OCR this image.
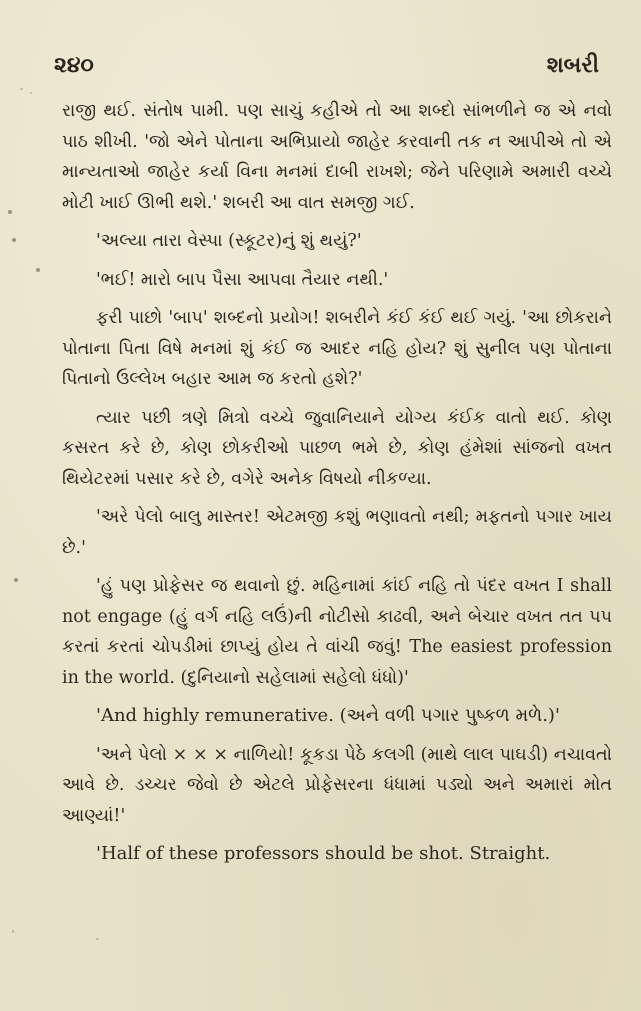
૨૪૦	શબરી

રાજી થઈ. સંતોષ પામી. પણ સાચું કહીએ તો આ શબ્દો સાંભળીને જ એ નવો પાઠ શીખી. 'જો એને પોતાના અભિપ્રાયો જાહેર કરવાની તક ન આપીએ તો એ માન્યતાઓ જાહેર કર્યા વિના મનમાં દાબી રાખશે; જેને પરિણામે અમારી વચ્ચે મોટી ખાઈ ઊભી થશે.' શબરી આ વાત સમજી ગઈ.

'અલ્યા તારા વેસ્પા (સ્કૂટર)નું શું થયું?'

'ભઈ! મારો બાપ પૈસા આપવા તૈયાર નથી.'

ફરી પાછો 'બાપ' શબ્દનો પ્રયોગ! શબરીને કંઈ કંઈ થઈ ગયું. 'આ છોકરાને પોતાના પિતા વિષે મનમાં શું કંઈ જ આદર નહિ હોય? શું સુનીલ પણ પોતાના પિતાનો ઉલ્લેખ બહાર આમ જ કરતો હશે?'

ત્યાર પછી ત્રણે મિત્રો વચ્ચે જુવાનિયાને યોગ્ય કંઈક વાતો થઈ. કોણ કસરત કરે છે, કોણ છોકરીઓ પાછળ ભમે છે, કોણ હંમેશાં સાંજનો વખત થિયેટરમાં પસાર કરે છે, વગેરે અનેક વિષયો નીકળ્યા.

'અરે પેલો બાલુ માસ્તર! એટમજી કશું ભણાવતો નથી; મફતનો પગાર ખાય છે.'

'હું પણ પ્રોફેસર જ થવાનો છું. મહિનામાં કાંઈ નહિ તો પંદર વખત I shall not engage (હું વર્ગ નહિ લઉં)ની નોટીસો કાઢવી, અને બેચાર વખત તત પપ કરતાં કરતાં ચોપડીમાં છાપ્યું હોય તે વાંચી જવું! The easiest profession in the world. (દુનિયાનો સહેલામાં સહેલો ધંધો)'

'And highly remunerative. (અને વળી પગાર પુષ્કળ મળે.)'

'અને પેલો × × × નાળિયો! કૂકડા પેઠે કલગી (માથે લાલ પાઘડી) નચાવતો આવે છે. ડચ્ચર જેવો છે એટલે પ્રોફેસરના ધંધામાં પડ્યો અને અમારાં મોત આણ્યાં!'

'Half of these professors should be shot. Straight.
